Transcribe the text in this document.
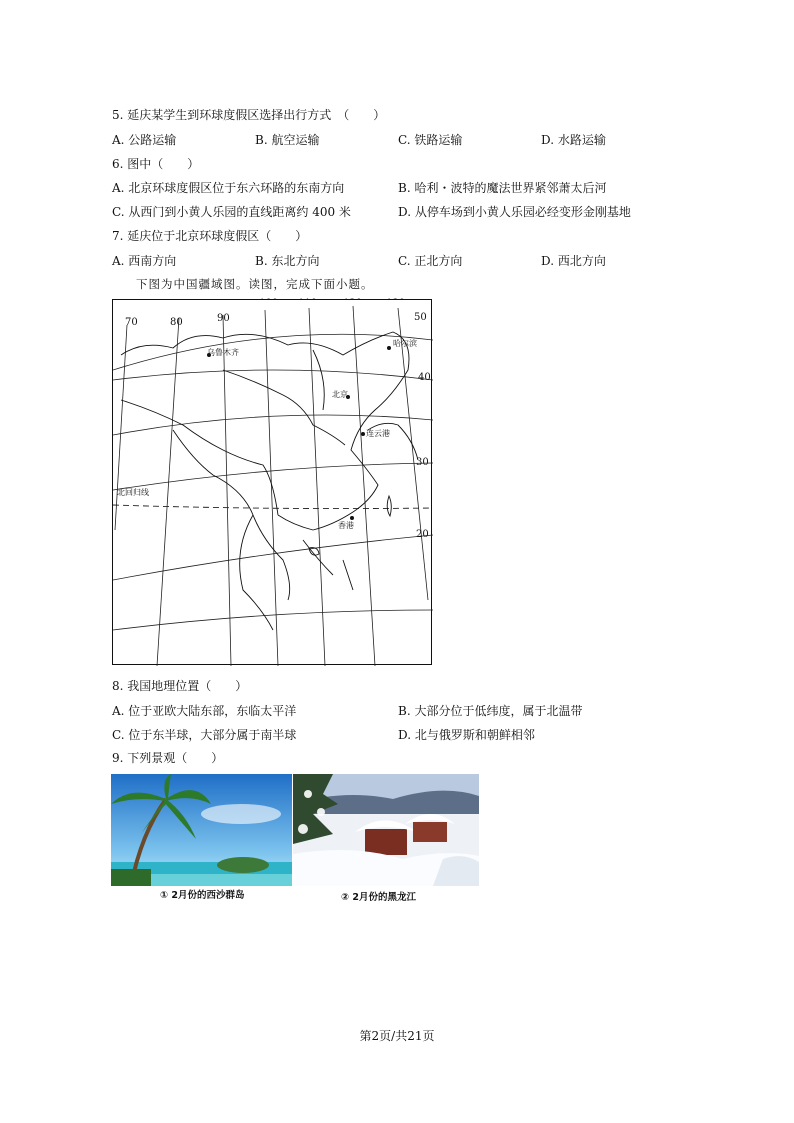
5. 延庆某学生到环球度假区选择出行方式　（　　）
A. 公路运输	B. 航空运输	C. 铁路运输	D. 水路运输
6. 图中（　　）
A. 北京环球度假区位于东六环路的东南方向	B. 哈利・波特的魔法世界紧邻萧太后河
C. 从西门到小黄人乐园的直线距离约 400 米	D. 从停车场到小黄人乐园必经变形金刚基地
7. 延庆位于北京环球度假区（　　）
A. 西南方向	B. 东北方向	C. 正北方向	D. 西北方向
下图为中国疆域图。读图，完成下面小题。
70	80	90	50
40
30
20
乌鲁木齐
哈尔滨
北京
连云港
香港
北回归线
8. 我国地理位置（　　）
A. 位于亚欧大陆东部，东临太平洋	B. 大部分位于低纬度，属于北温带
C. 位于东半球，大部分属于南半球	D. 北与俄罗斯和朝鲜相邻
9. 下列景观（　　）
① 2月份的西沙群岛	② 2月份的黑龙江
第2页/共21页
